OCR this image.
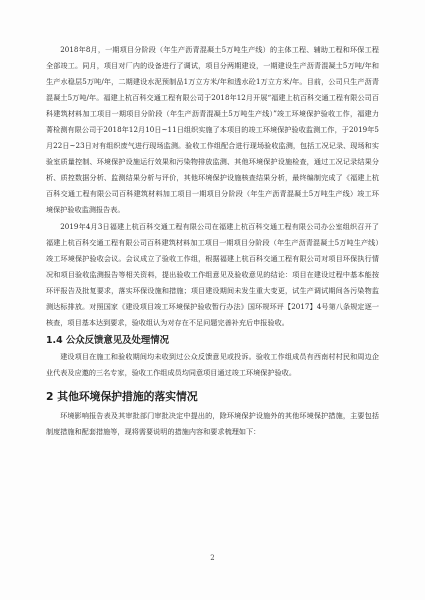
2018年8月，一期项目分阶段（年生产沥青混凝土5万吨生产线）的主体工程、辅助工程和环保工程全部竣工。同月，项目对厂内的设备进行了调试，项目分两期建设，一期建设生产沥青混凝土5万吨/年和生产水稳层5万吨/年，二期建设水泥预制品1万立方米/年和透水砼1万立方米/年。目前，公司只生产沥青混凝土5万吨/年。福建上杭百科交通工程有限公司于2018年12月开展“福建上杭百科交通工程有限公司百科建筑材料加工项目一期项目分阶段（年生产沥青混凝土5万吨生产线）”竣工环境保护验收工作，福建力菁检测有限公司于2018年12月10日~11日组织实施了本项目的竣工环境保护验收监测工作，于2019年5月22日~23日对有组织废气进行现场监测。验收工作组配合进行现场验收监测，包括工况记录、现场和实验室质量控制、环境保护设施运行效果和污染物排放监测、其他环境保护设施检查，通过工况记录结果分析、质控数据分析、监测结果分析与评价，其他环境保护设施核查结果分析，最终编制完成了《福建上杭百科交通工程有限公司百科建筑材料加工项目一期项目分阶段（年生产沥青混凝土5万吨生产线）竣工环境保护验收监测报告表。

2019年4月3日福建上杭百科交通工程有限公司在福建上杭百科交通工程有限公司办公室组织召开了福建上杭百科交通工程有限公司百科建筑材料加工项目一期项目分阶段（年生产沥青混凝土5万吨生产线）竣工环境保护验收会议。会议成立了验收工作组，根据福建上杭百科交通工程有限公司对项目环保执行情况和项目验收监测报告等相关资料，提出验收工作组意见及验收意见的结论：项目在建设过程中基本能按环评报告及批复要求，落实环保设施和措施；项目建设期间未发生重大变更，试生产调试期间各污染物监测达标排放。对照国家《建设项目竣工环境保护验收暂行办法》国环规环评【2017】4号第八条规定逐一核查，项目基本达到要求，验收组认为对存在不足问题完善补充后申报验收。

1.4 公众反馈意见及处理情况

建设项目在施工和验收期间均未收到过公众反馈意见或投诉。验收工作组成员有西南村村民和周边企业代表及应邀的三名专家，验收工作组成员均同意项目通过竣工环境保护验收。

2 其他环境保护措施的落实情况

环境影响报告表及其审批部门审批决定中提出的，除环境保护设施外的其他环境保护措施，主要包括制度措施和配套措施等，现将需要说明的措施内容和要求梳理如下：

2
